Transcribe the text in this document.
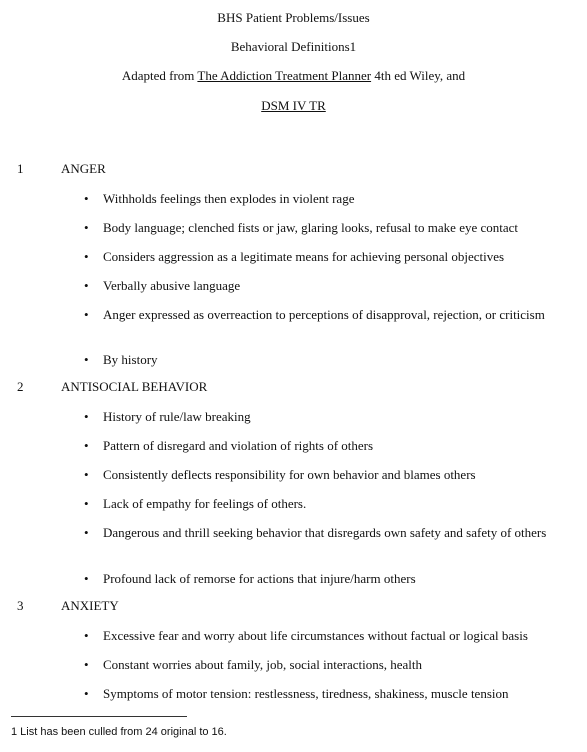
BHS Patient Problems/Issues
Behavioral Definitions1
Adapted from The Addiction Treatment Planner 4th ed Wiley, and
DSM IV TR
1	ANGER
• Withholds feelings then explodes in violent rage
• Body language; clenched fists or jaw, glaring looks, refusal to make eye contact
• Considers aggression as a legitimate means for achieving personal objectives
• Verbally abusive language
• Anger expressed as overreaction to perceptions of disapproval, rejection, or criticism
• By history
2	ANTISOCIAL BEHAVIOR
• History of rule/law breaking
• Pattern of disregard and violation of rights of others
• Consistently deflects responsibility for own behavior and blames others
• Lack of empathy for feelings of others.
• Dangerous and thrill seeking behavior that disregards own safety and safety of others
• Profound lack of remorse for actions that injure/harm others
3	ANXIETY
• Excessive fear and worry about life circumstances without factual or logical basis
• Constant worries about family, job, social interactions, health
• Symptoms of motor tension: restlessness, tiredness, shakiness, muscle tension
1 List has been culled from 24 original to 16.
